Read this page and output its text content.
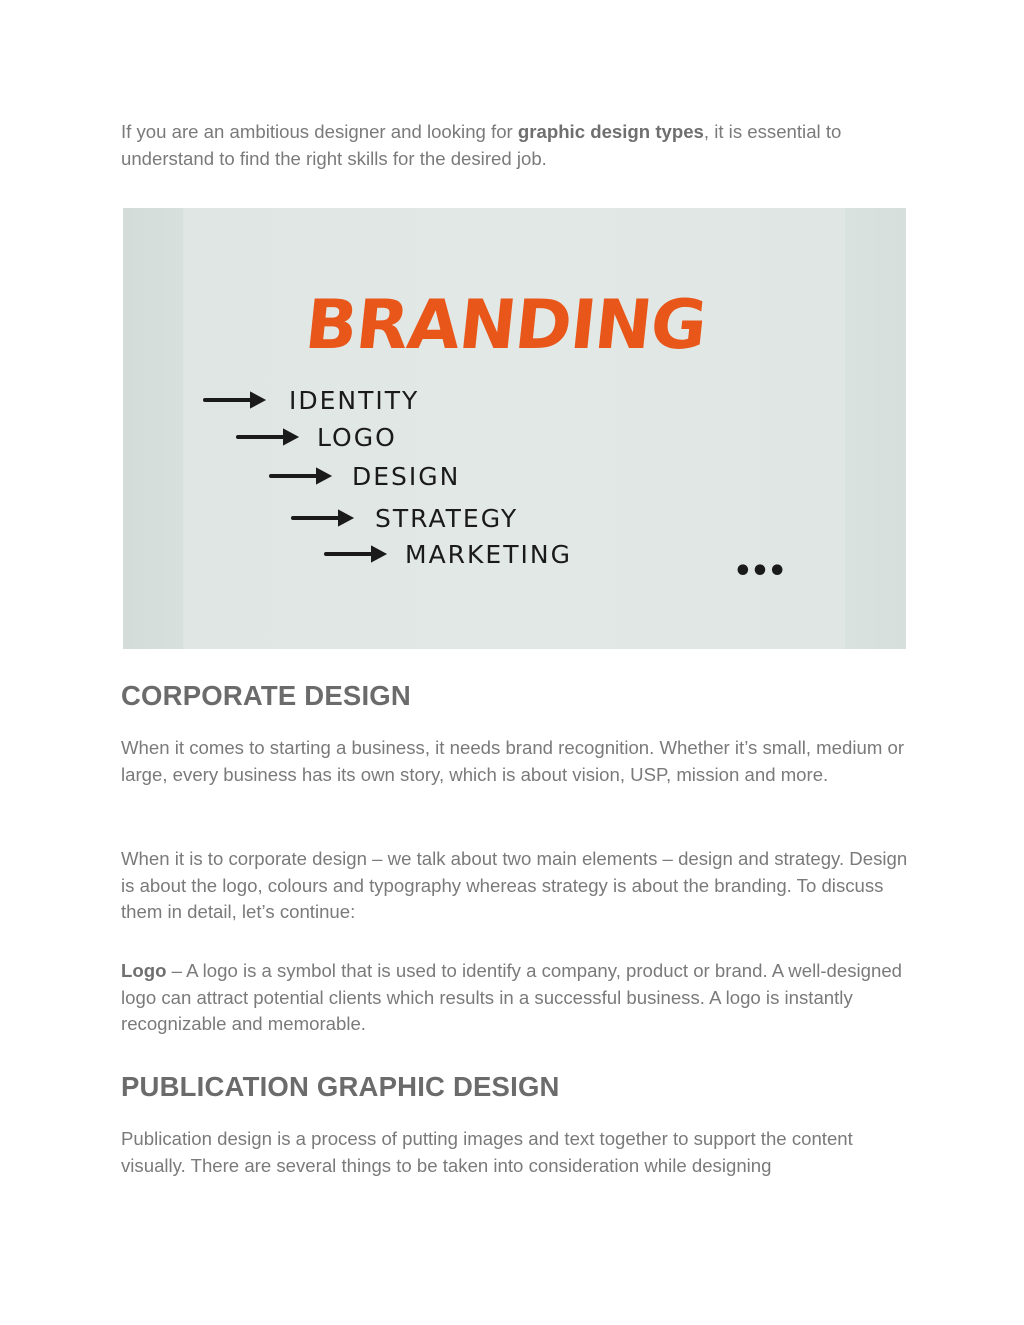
If you are an ambitious designer and looking for graphic design types, it is essential to understand to find the right skills for the desired job.

CORPORATE DESIGN

When it comes to starting a business, it needs brand recognition. Whether it’s small, medium or large, every business has its own story, which is about vision, USP, mission and more.

When it is to corporate design – we talk about two main elements – design and strategy. Design is about the logo, colours and typography whereas strategy is about the branding. To discuss them in detail, let’s continue:

Logo – A logo is a symbol that is used to identify a company, product or brand. A well-designed logo can attract potential clients which results in a successful business. A logo is instantly recognizable and memorable.

PUBLICATION GRAPHIC DESIGN

Publication design is a process of putting images and text together to support the content visually. There are several things to be taken into consideration while designing

BRANDING
IDENTITY
LOGO
DESIGN
STRATEGY
MARKETING	•••
